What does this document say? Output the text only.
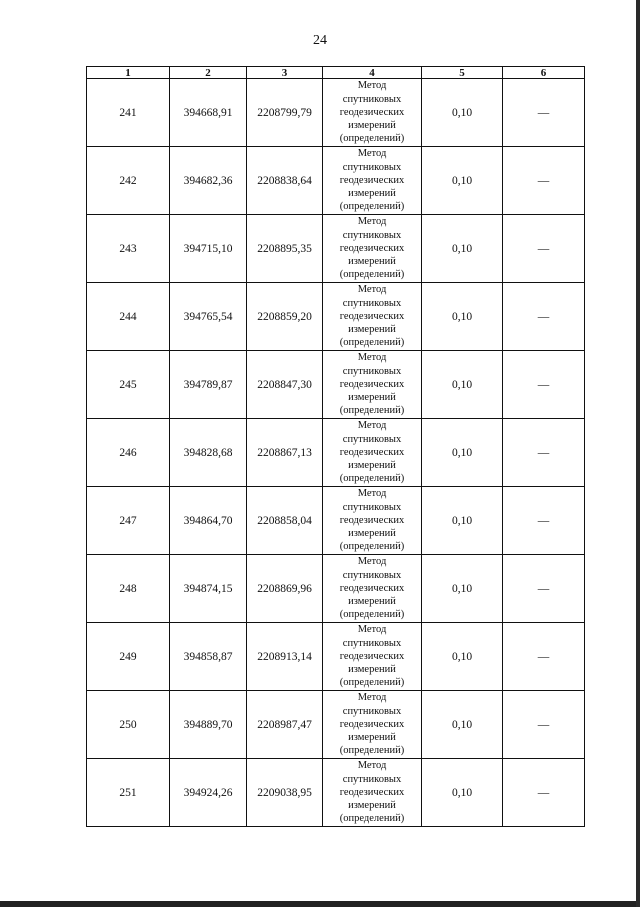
24
1	2	3	4	5	6
241	394668,91	2208799,79	Метод
спутниковых
геодезических
измерений
(определений)	0,10	—
242	394682,36	2208838,64	Метод
спутниковых
геодезических
измерений
(определений)	0,10	—
243	394715,10	2208895,35	Метод
спутниковых
геодезических
измерений
(определений)	0,10	—
244	394765,54	2208859,20	Метод
спутниковых
геодезических
измерений
(определений)	0,10	—
245	394789,87	2208847,30	Метод
спутниковых
геодезических
измерений
(определений)	0,10	—
246	394828,68	2208867,13	Метод
спутниковых
геодезических
измерений
(определений)	0,10	—
247	394864,70	2208858,04	Метод
спутниковых
геодезических
измерений
(определений)	0,10	—
248	394874,15	2208869,96	Метод
спутниковых
геодезических
измерений
(определений)	0,10	—
249	394858,87	2208913,14	Метод
спутниковых
геодезических
измерений
(определений)	0,10	—
250	394889,70	2208987,47	Метод
спутниковых
геодезических
измерений
(определений)	0,10	—
251	394924,26	2209038,95	Метод
спутниковых
геодезических
измерений
(определений)	0,10	—
